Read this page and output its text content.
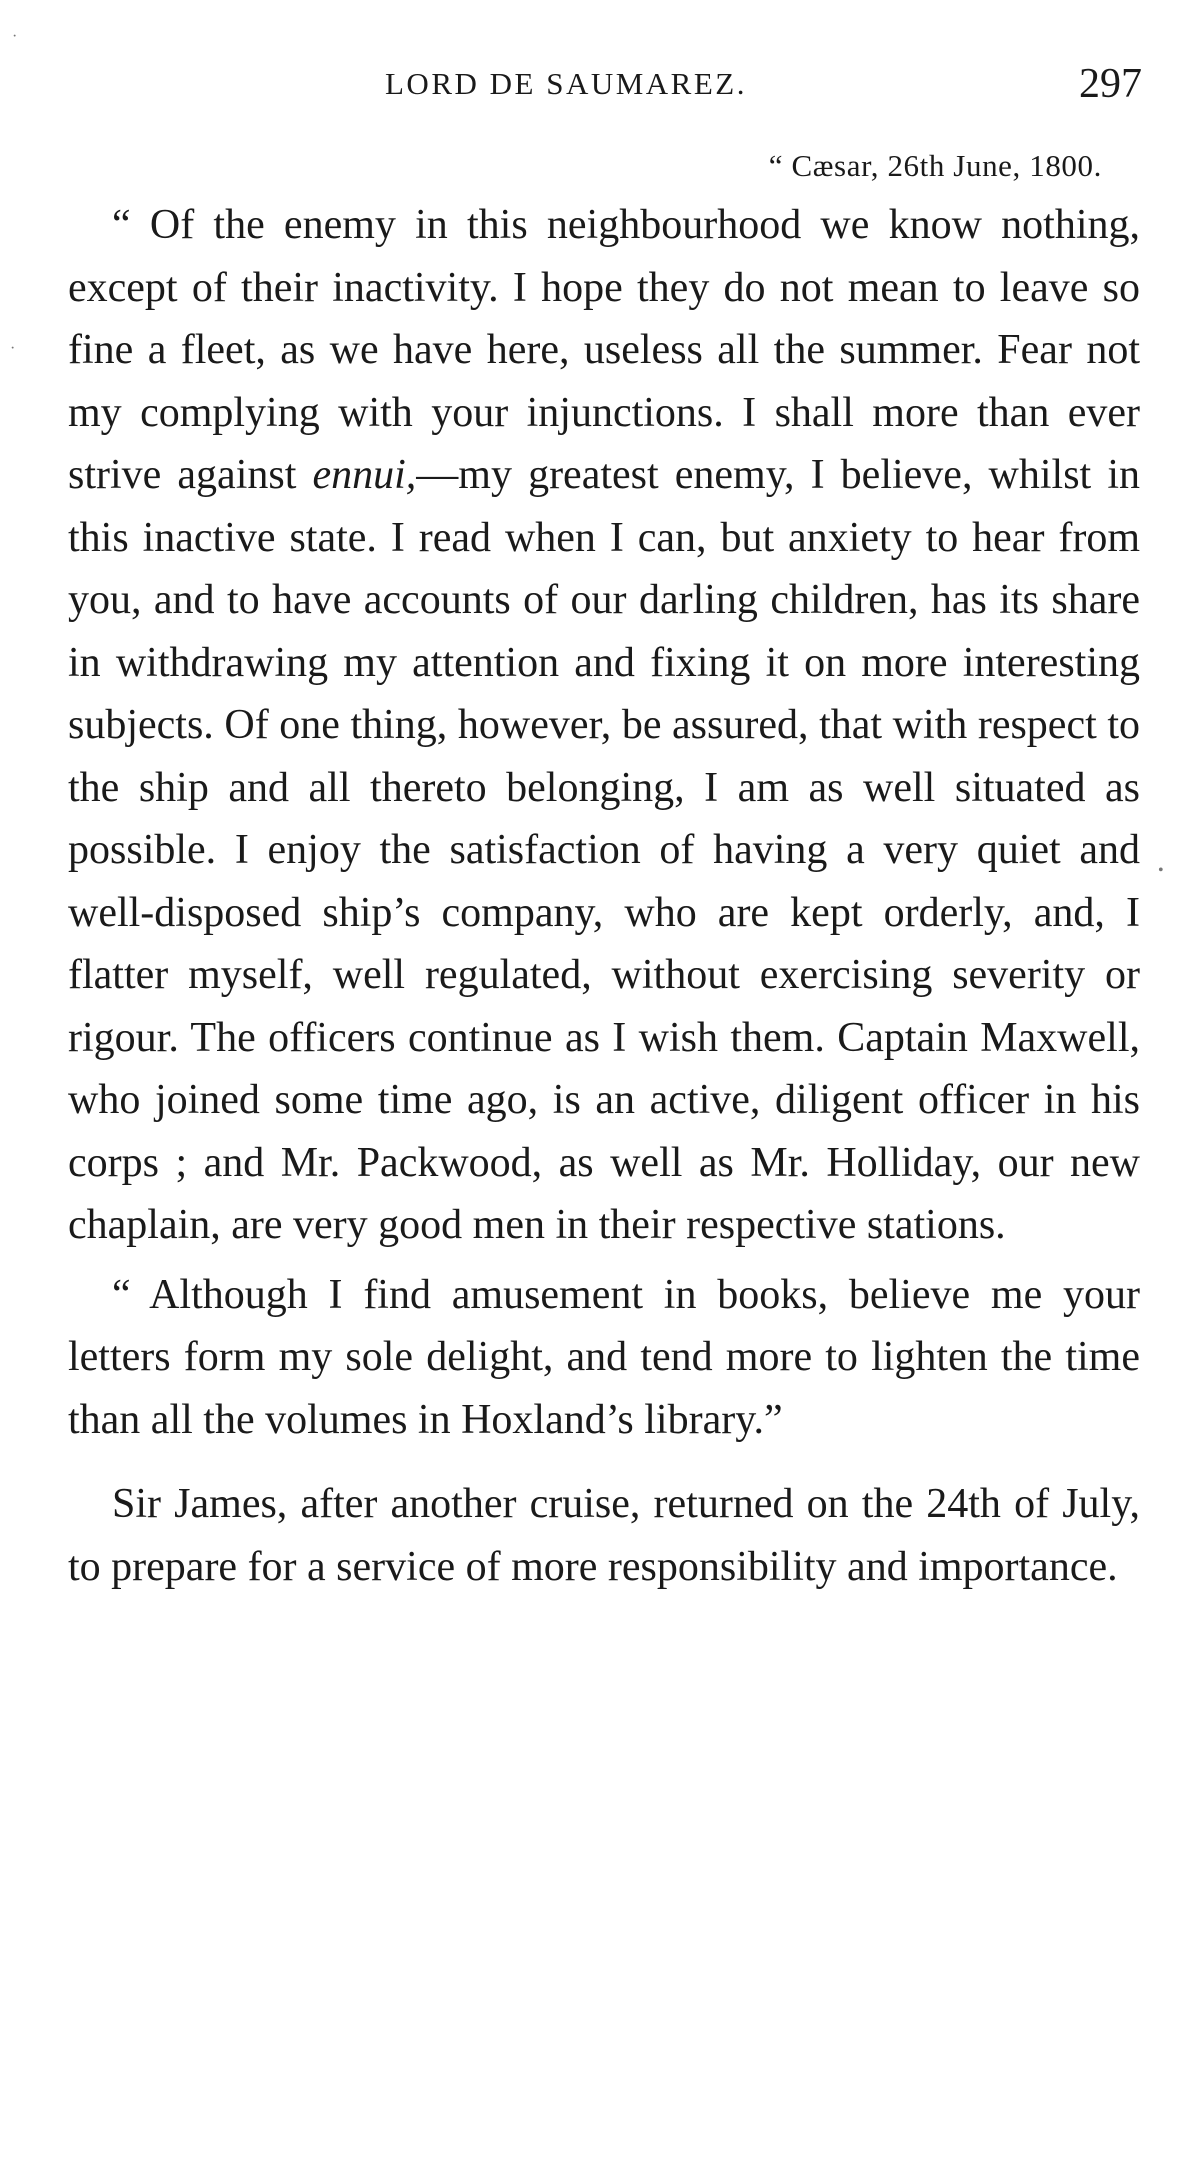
LORD DE SAUMAREZ.	297
“ Cæsar, 26th June, 1800.

“ Of the enemy in this neighbourhood we know nothing, except of their inactivity. I hope they do not mean to leave so fine a fleet, as we have here, useless all the summer. Fear not my complying with your injunctions. I shall more than ever strive against ennui,—my greatest enemy, I believe, whilst in this inactive state. I read when I can, but anxiety to hear from you, and to have accounts of our darling children, has its share in withdrawing my attention and fixing it on more interesting subjects. Of one thing, however, be assured, that with respect to the ship and all thereto belonging, I am as well situated as possible. I enjoy the satisfaction of having a very quiet and well-disposed ship’s company, who are kept orderly, and, I flatter myself, well regulated, without exercising severity or rigour. The officers continue as I wish them. Captain Maxwell, who joined some time ago, is an active, diligent officer in his corps ; and Mr. Packwood, as well as Mr. Holliday, our new chaplain, are very good men in their respective stations.

“ Although I find amusement in books, believe me your letters form my sole delight, and tend more to lighten the time than all the volumes in Hoxland’s library.”

Sir James, after another cruise, returned on the 24th of July, to prepare for a service of more responsibility and importance.

·
·
•
